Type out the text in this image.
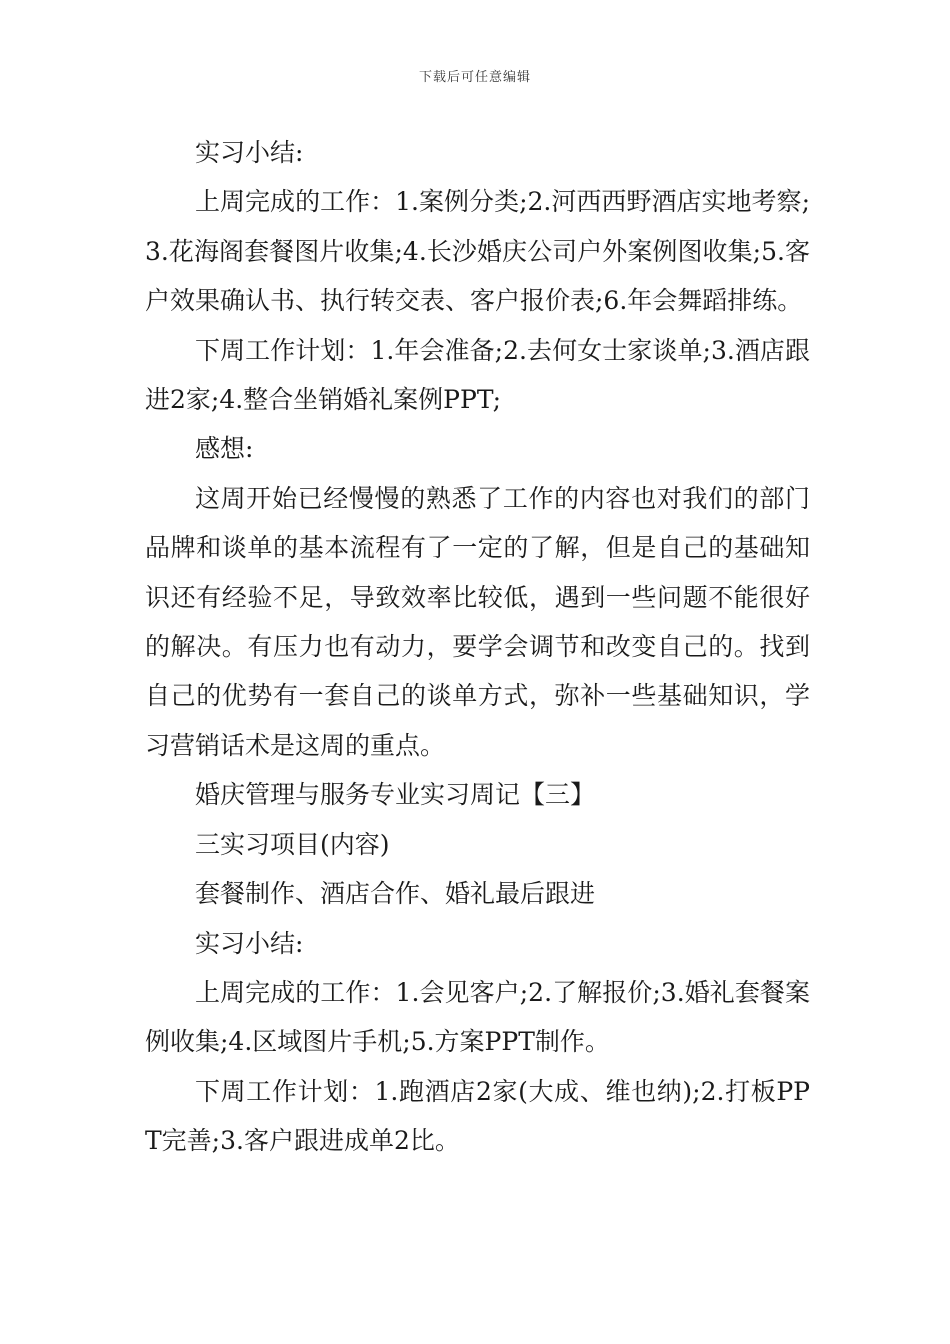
下载后可任意编辑

实习小结:

上周完成的工作：1.案例分类;2.河西西野酒店实地考察;3.花海阁套餐图片收集;4.长沙婚庆公司户外案例图收集;5.客户效果确认书、执行转交表、客户报价表;6.年会舞蹈排练。

下周工作计划：1.年会准备;2.去何女士家谈单;3.酒店跟进2家;4.整合坐销婚礼案例PPT;

感想:

这周开始已经慢慢的熟悉了工作的内容也对我们的部门品牌和谈单的基本流程有了一定的了解，但是自己的基础知识还有经验不足，导致效率比较低，遇到一些问题不能很好的解决。有压力也有动力，要学会调节和改变自己的。找到自己的优势有一套自己的谈单方式，弥补一些基础知识，学习营销话术是这周的重点。

婚庆管理与服务专业实习周记【三】

三实习项目(内容)

套餐制作、酒店合作、婚礼最后跟进

实习小结:

上周完成的工作：1.会见客户;2.了解报价;3.婚礼套餐案例收集;4.区域图片手机;5.方案PPT制作。

下周工作计划：1.跑酒店2家(大成、维也纳);2.打板PPT完善;3.客户跟进成单2比。
